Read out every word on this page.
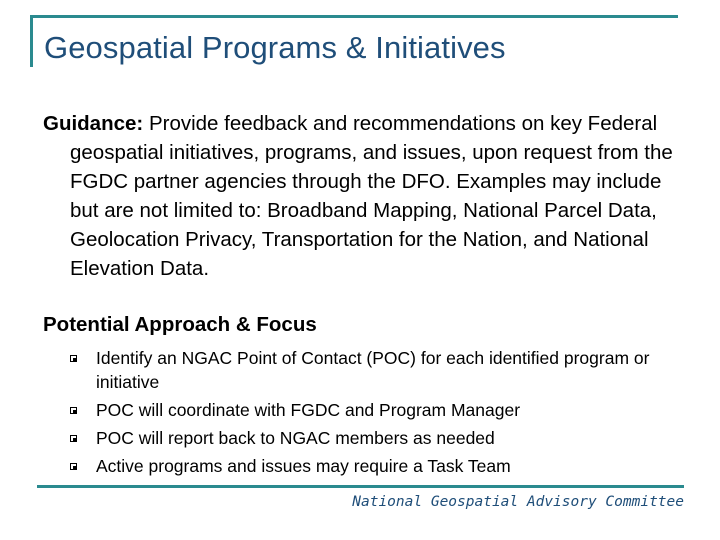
Geospatial Programs & Initiatives

Guidance: Provide feedback and recommendations on key Federal geospatial initiatives, programs, and issues, upon request from the FGDC partner agencies through the DFO. Examples may include but are not limited to: Broadband Mapping, National Parcel Data, Geolocation Privacy, Transportation for the Nation, and National Elevation Data.

Potential Approach & Focus
Identify an NGAC Point of Contact (POC) for each identified program or initiative
POC will coordinate with FGDC and Program Manager
POC will report back to NGAC members as needed
Active programs and issues may require a Task Team
National Geospatial Advisory Committee
